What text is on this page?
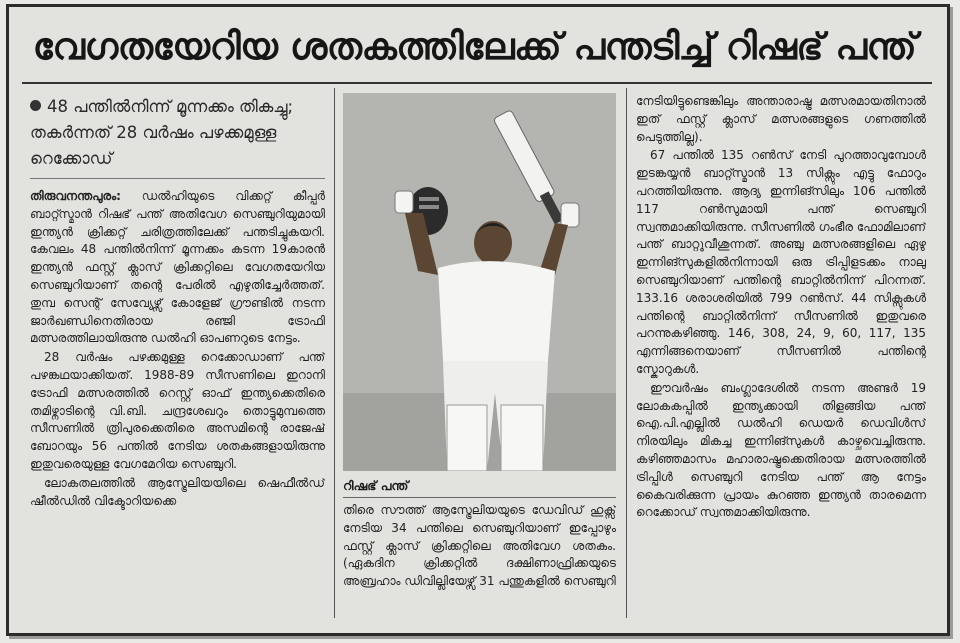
വേഗതയേറിയ ശതകത്തിലേക്ക് പന്തടിച്ച് റിഷഭ് പന്ത്
48 പന്തിൽനിന്ന് മൂന്നക്കം തികച്ചു; തകർന്നത് 28 വർഷം പഴക്കമുള്ള റെക്കോഡ്

തിരുവനന്തപുരം: ഡൽഹിയുടെ വിക്കറ്റ് കീപ്പർ ബാറ്റ്സ്മാൻ റിഷഭ് പന്ത് അതിവേഗ സെഞ്ചുറിയുമായി ഇന്ത്യൻ ക്രിക്കറ്റ് ചരിത്രത്തിലേക്ക് പന്തടിച്ചുകയറി. കേവലം 48 പന്തിൽനിന്ന് മൂന്നക്കം കടന്ന 19കാരൻ ഇന്ത്യൻ ഫസ്റ്റ് ക്ലാസ് ക്രിക്കറ്റിലെ വേഗതയേറിയ സെഞ്ചുറിയാണ് തന്റെ പേരിൽ എഴുതിച്ചേർത്തത്. തുമ്പ സെന്റ് സേവ്യേഴ്സ് കോളേജ് ഗ്രൗണ്ടിൽ നടന്ന ജാർഖണ്ഡിനെതിരായ രഞ്ജി ട്രോഫി മത്സരത്തിലായിരുന്നു ഡൽഹി ഓപണറുടെ നേട്ടം.

28 വർഷം പഴക്കമുള്ള റെക്കോഡാണ് പന്ത് പഴങ്കഥയാക്കിയത്. 1988-89 സീസണിലെ ഇറാനി ട്രോഫി മത്സരത്തിൽ റെസ്റ്റ് ഓഫ് ഇന്ത്യക്കെതിരെ തമിഴ്നാടിന്റെ വി.ബി. ചന്ദ്രശേഖറും തൊട്ടുമുമ്പത്തെ സീസണിൽ ത്രിപുരക്കെതിരെ അസമിന്റെ രാജേഷ് ബോറയും 56 പന്തിൽ നേടിയ ശതകങ്ങളായിരുന്നു ഇതുവരെയുള്ള വേഗമേറിയ സെഞ്ചുറി.

ലോകതലത്തിൽ ആസ്ട്രേലിയയിലെ ഷെഫീൽഡ് ഷീൽഡിൽ വിക്ടോറിയക്കെ

റിഷഭ് പന്ത്

തിരെ സൗത്ത് ആസ്ട്രേലിയയുടെ ഡേവിഡ് ഹുക്സ് നേടിയ 34 പന്തിലെ സെഞ്ചുറിയാണ് ഇപ്പോഴും ഫസ്റ്റ് ക്ലാസ് ക്രിക്കറ്റിലെ അതിവേഗ ശതകം. (ഏകദിന ക്രിക്കറ്റിൽ ദക്ഷിണാഫ്രിക്കയുടെ അബ്രഹാം ഡിവില്ലിയേഴ്സ് 31 പന്തുകളിൽ സെഞ്ചുറി

നേടിയിട്ടുണ്ടെങ്കിലും അന്താരാഷ്ട്ര മത്സരമായതിനാൽ ഇത് ഫസ്റ്റ് ക്ലാസ് മത്സരങ്ങളുടെ ഗണത്തിൽ പെടുത്തില്ല).

67 പന്തിൽ 135 റൺസ് നേടി പുറത്താവുമ്പോൾ ഇടങ്കയ്യൻ ബാറ്റ്സ്മാൻ 13 സിക്സും എട്ടു ഫോറും പറത്തിയിരുന്നു. ആദ്യ ഇന്നിങ്സിലും 106 പന്തിൽ 117 റൺസുമായി പന്ത് സെഞ്ചുറി സ്വന്തമാക്കിയിരുന്നു. സീസണിൽ ഗംഭീര ഫോമിലാണ് പന്ത് ബാറ്റുവീശുന്നത്. അഞ്ചു മത്സരങ്ങളിലെ ഏഴു ഇന്നിങ്സുകളിൽനിന്നായി ഒരു ട്രിപ്പിളടക്കം നാലു സെഞ്ചുറിയാണ് പന്തിന്റെ ബാറ്റിൽനിന്ന് പിറന്നത്. 133.16 ശരാശരിയിൽ 799 റൺസ്. 44 സിക്സുകൾ പന്തിന്റെ ബാറ്റിൽനിന്ന് സീസണിൽ ഇതുവരെ പറന്നുകഴിഞ്ഞു. 146, 308, 24, 9, 60, 117, 135 എന്നിങ്ങനെയാണ് സീസണിൽ പന്തിന്റെ സ്കോറുകൾ.

ഈവർഷം ബംഗ്ലാദേശിൽ നടന്ന അണ്ടർ 19 ലോകകപ്പിൽ ഇന്ത്യക്കായി തിളങ്ങിയ പന്ത് ഐ.പി.എല്ലിൽ ഡൽഹി ഡെയർ ഡെവിൾസ് നിരയിലും മികച്ച ഇന്നിങ്സുകൾ കാഴ്ചവെച്ചിരുന്നു. കഴിഞ്ഞമാസം മഹാരാഷ്ട്രക്കെതിരായ മത്സരത്തിൽ ട്രിപ്പിൾ സെഞ്ചുറി നേടിയ പന്ത് ആ നേട്ടം കൈവരിക്കുന്ന പ്രായം കുറഞ്ഞ ഇന്ത്യൻ താരമെന്ന റെക്കോഡ് സ്വന്തമാക്കിയിരുന്നു.
